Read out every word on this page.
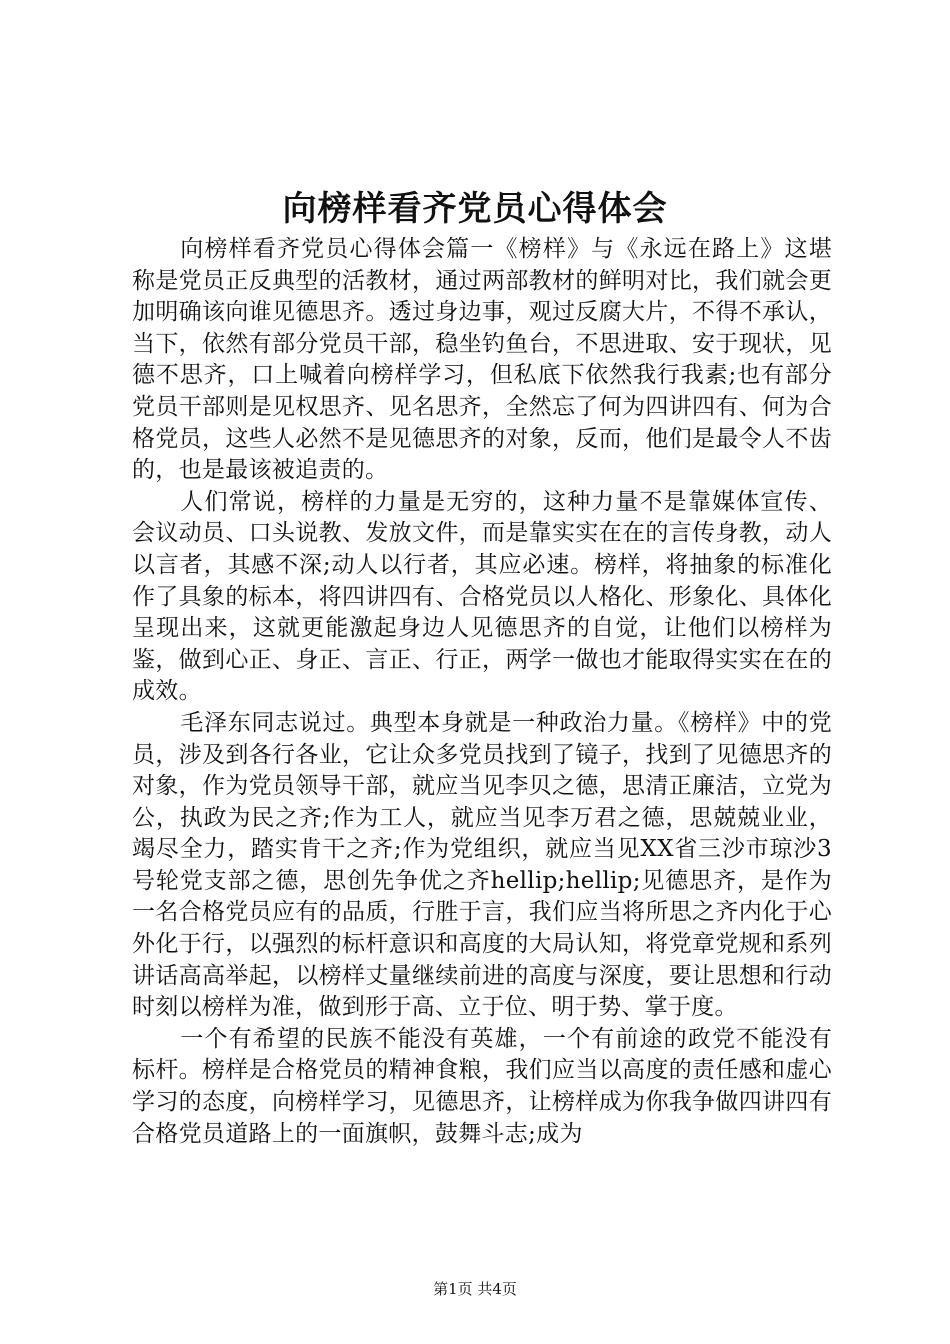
向榜样看齐党员心得体会

向榜样看齐党员心得体会篇一《榜样》与《永远在路上》这堪称是党员正反典型的活教材，通过两部教材的鲜明对比，我们就会更加明确该向谁见德思齐。透过身边事，观过反腐大片，不得不承认，当下，依然有部分党员干部，稳坐钓鱼台，不思进取、安于现状，见德不思齐，口上喊着向榜样学习，但私底下依然我行我素;也有部分党员干部则是见权思齐、见名思齐，全然忘了何为四讲四有、何为合格党员，这些人必然不是见德思齐的对象，反而，他们是最令人不齿的，也是最该被追责的。

人们常说，榜样的力量是无穷的，这种力量不是靠媒体宣传、会议动员、口头说教、发放文件，而是靠实实在在的言传身教，动人以言者，其感不深;动人以行者，其应必速。榜样，将抽象的标准化作了具象的标本，将四讲四有、合格党员以人格化、形象化、具体化呈现出来，这就更能激起身边人见德思齐的自觉，让他们以榜样为鉴，做到心正、身正、言正、行正，两学一做也才能取得实实在在的成效。

毛泽东同志说过。典型本身就是一种政治力量。《榜样》中的党员，涉及到各行各业，它让众多党员找到了镜子，找到了见德思齐的对象，作为党员领导干部，就应当见李贝之德，思清正廉洁，立党为公，执政为民之齐;作为工人，就应当见李万君之德，思兢兢业业，竭尽全力，踏实肯干之齐;作为党组织，就应当见XX省三沙市琼沙3号轮党支部之德，思创先争优之齐hellip;hellip;见德思齐，是作为一名合格党员应有的品质，行胜于言，我们应当将所思之齐内化于心外化于行，以强烈的标杆意识和高度的大局认知，将党章党规和系列讲话高高举起，以榜样丈量继续前进的高度与深度，要让思想和行动时刻以榜样为准，做到形于高、立于位、明于势、掌于度。

一个有希望的民族不能没有英雄，一个有前途的政党不能没有标杆。榜样是合格党员的精神食粮，我们应当以高度的责任感和虚心学习的态度，向榜样学习，见德思齐，让榜样成为你我争做四讲四有合格党员道路上的一面旗帜，鼓舞斗志;成为

第1页 共4页
